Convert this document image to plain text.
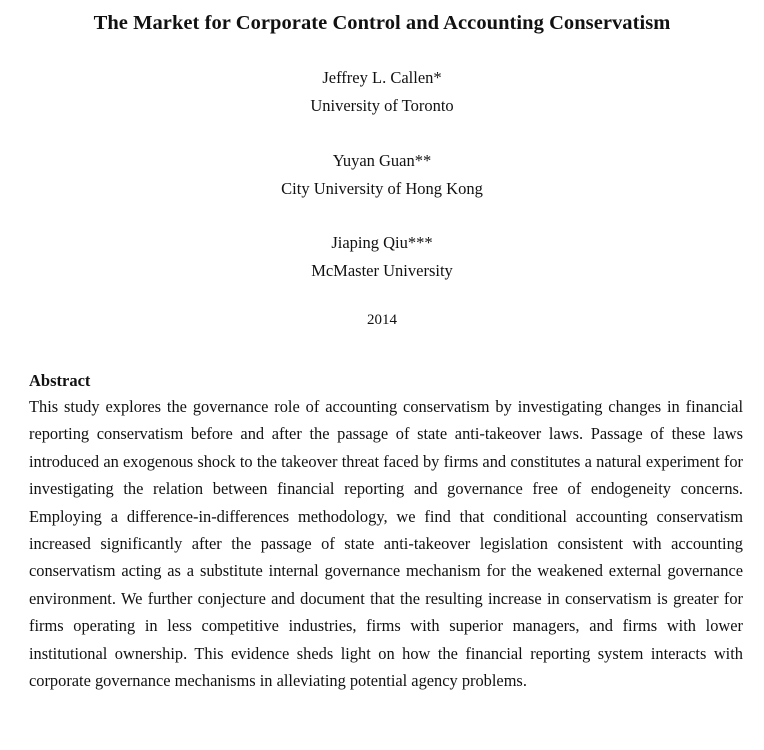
The Market for Corporate Control and Accounting Conservatism
Jeffrey L. Callen*
University of Toronto
Yuyan Guan**
City University of Hong Kong
Jiaping Qiu***
McMaster University
2014

Abstract

This study explores the governance role of accounting conservatism by investigating changes in financial reporting conservatism before and after the passage of state anti-takeover laws. Passage of these laws introduced an exogenous shock to the takeover threat faced by firms and constitutes a natural experiment for investigating the relation between financial reporting and governance free of endogeneity concerns. Employing a difference-in-differences methodology, we find that conditional accounting conservatism increased significantly after the passage of state anti-takeover legislation consistent with accounting conservatism acting as a substitute internal governance mechanism for the weakened external governance environment. We further conjecture and document that the resulting increase in conservatism is greater for firms operating in less competitive industries, firms with superior managers, and firms with lower institutional ownership. This evidence sheds light on how the financial reporting system interacts with corporate governance mechanisms in alleviating potential agency problems.
